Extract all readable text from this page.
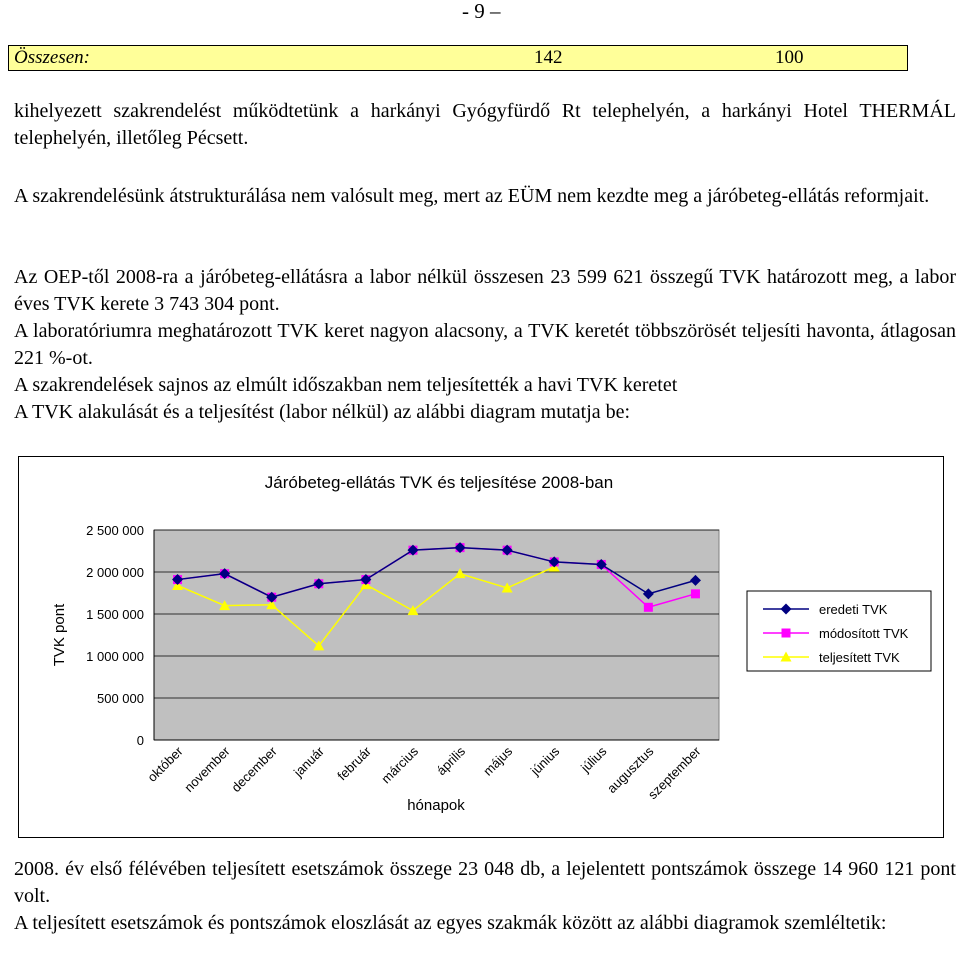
- 9 –
Összesen:	142	100
kihelyezett szakrendelést működtetünk a harkányi Gyógyfürdő Rt telephelyén, a harkányi Hotel THERMÁL telephelyén, illetőleg Pécsett.
A szakrendelésünk átstrukturálása nem valósult meg, mert az EÜM nem kezdte meg a járóbeteg-ellátás reformjait.
Az OEP-től 2008-ra a járóbeteg-ellátásra a labor nélkül összesen 23 599 621 összegű TVK határozott meg, a labor éves TVK kerete 3 743 304 pont.
A laboratóriumra meghatározott TVK keret nagyon alacsony, a TVK keretét többszörösét teljesíti havonta, átlagosan 221 %-ot.
A szakrendelések sajnos az elmúlt időszakban nem teljesítették a havi TVK keretet
A TVK alakulását és a teljesítést (labor nélkül) az alábbi diagram mutatja be:
0
500 000
1 000 000
1 500 000
2 000 000
2 500 000
október
november
december január február március április május június július
augusztus
szeptember
Járóbeteg-ellátás TVK és teljesítése 2008-ban
hónapok
TVK pont	eredeti TVK
módosított TVK
teljesített TVK
2008. év első félévében teljesített esetszámok összege 23 048 db, a lejelentett pontszámok összege 14 960 121 pont volt.
A teljesített esetszámok és pontszámok eloszlását az egyes szakmák között az alábbi diagramok szemléltetik:
